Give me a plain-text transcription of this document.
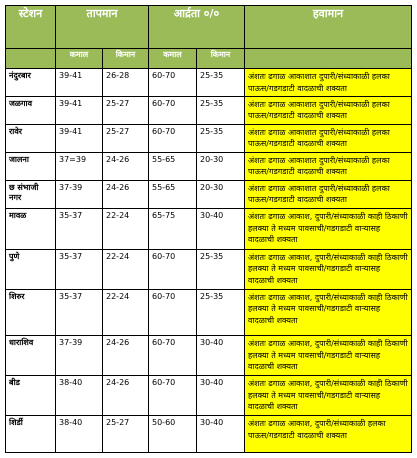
स्टेशन	तापमान		आर्द्रता ०/०		हवामान
	कमाल	किमान	कमाल	किमान	
नंदुरबार	39-41	26-28	60-70	25-35	अंशतः ढगाळ आकाशात दुपारी/संध्याकाळी हलका पाऊस/गडगडाटी वादळाची शक्यता
जळगाव	39-41	25-27	60-70	25-35	अंशतः ढगाळ आकाशात दुपारी/संध्याकाळी हलका पाऊस/गडगडाटी वादळाची शक्यता
रावेर	39-41	25-27	60-70	25-35	अंशतः ढगाळ आकाशात दुपारी/संध्याकाळी हलका पाऊस/गडगडाटी वादळाची शक्यता
जालना	37=39	24-26	55-65	20-30	अंशतः ढगाळ आकाशात दुपारी/संध्याकाळी हलका पाऊस/गडगडाटी वादळाची शक्यता
छ संभाजी नगर	37-39	24-26	55-65	20-30	अंशतः ढगाळ आकाशात दुपारी/संध्याकाळी हलका पाऊस/गडगडाटी वादळाची शक्यता
मावळ	35-37	22-24	65-75	30-40	अंशतः ढगाळ आकाश, दुपारी/संध्याकाळी काही ठिकाणी हलक्या ते मध्यम पावसाची/गडगडाटी वाऱ्यासह वादळाची शक्यता
पुणे	35-37	22-24	60-70	25-35	अंशतः ढगाळ आकाश, दुपारी/संध्याकाळी काही ठिकाणी हलक्या ते मध्यम पावसाची/गडगडाटी वाऱ्यासह वादळाची शक्यता
शिरुर	35-37	22-24	60-70	25-35	अंशतः ढगाळ आकाश, दुपारी/संध्याकाळी काही ठिकाणी हलक्या ते मध्यम पावसाची/गडगडाटी वाऱ्यासह वादळाची शक्यता
धाराशिव	37-39	24-26	60-70	30-40	अंशतः ढगाळ आकाश, दुपारी/संध्याकाळी काही ठिकाणी हलक्या ते मध्यम पावसाची/गडगडाटी वाऱ्यासह वादळाची शक्यता
बीड	38-40	24-26	60-70	30-40	अंशतः ढगाळ आकाश, दुपारी/संध्याकाळी काही ठिकाणी हलक्या ते मध्यम पावसाची/गडगडाटी वाऱ्यासह वादळाची शक्यता
शिर्डी	38-40	25-27	50-60	30-40	अंशतः ढगाळ आकाश, दुपारी/संध्याकाळी हलका पाऊस/गडगडाटी वादळाची शक्यता
